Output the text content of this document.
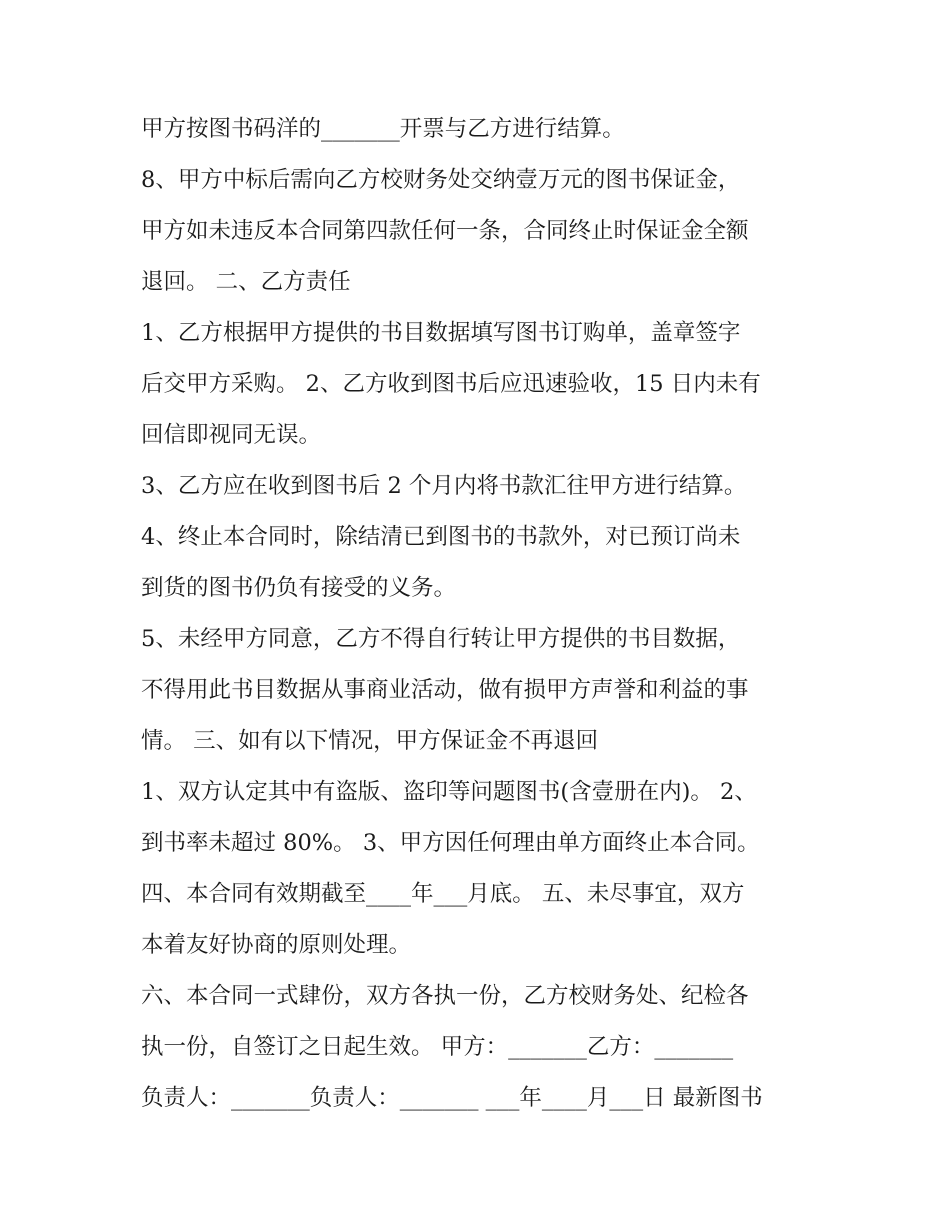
甲方按图书码洋的_______开票与乙方进行结算。
8、甲方中标后需向乙方校财务处交纳壹万元的图书保证金，
甲方如未违反本合同第四款任何一条，合同终止时保证金全额
退回。 二、乙方责任
1、乙方根据甲方提供的书目数据填写图书订购单，盖章签字
后交甲方采购。 2、乙方收到图书后应迅速验收，15 日内未有
回信即视同无误。
3、乙方应在收到图书后 2 个月内将书款汇往甲方进行结算。
4、终止本合同时，除结清已到图书的书款外，对已预订尚未
到货的图书仍负有接受的义务。
5、未经甲方同意，乙方不得自行转让甲方提供的书目数据，
不得用此书目数据从事商业活动，做有损甲方声誉和利益的事
情。 三、如有以下情况，甲方保证金不再退回
1、双方认定其中有盗版、盗印等问题图书(含壹册在内)。 2、
到书率未超过 80%。 3、甲方因任何理由单方面终止本合同。
四、本合同有效期截至____年___月底。 五、未尽事宜，双方
本着友好协商的原则处理。
六、本合同一式肆份，双方各执一份，乙方校财务处、纪检各
执一份，自签订之日起生效。 甲方：_______乙方：_______
负责人：_______负责人：_______ ___年____月___日 最新图书
